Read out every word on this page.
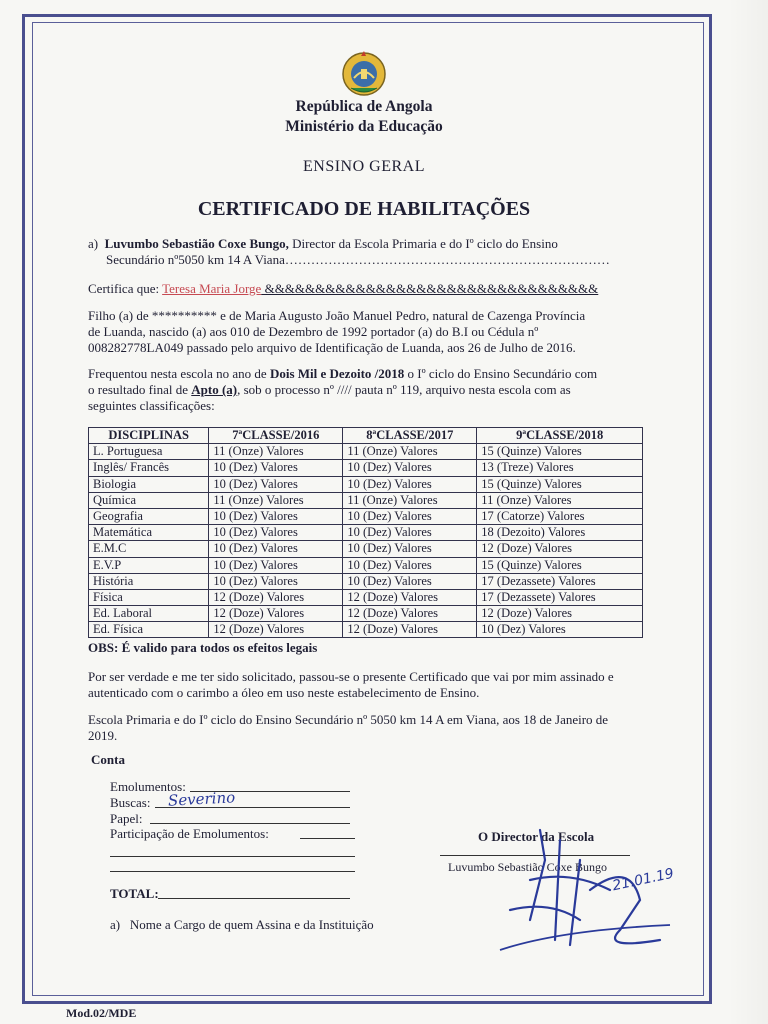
República de Angola
Ministério da Educação
ENSINO GERAL
CERTIFICADO DE HABILITAÇÕES
a) Luvumbo Sebastião Coxe Bungo, Director da Escola Primaria e do Iº ciclo do Ensino
Secundário nº5050 km 14 A Viana…………………………………………………………………
Certifica que: Teresa Maria Jorge &&&&&&&&&&&&&&&&&&&&&&&&&&&&&&&&&
Filho (a) de ********** e de Maria Augusto João Manuel Pedro, natural de Cazenga Província
de Luanda, nascido (a) aos 010 de Dezembro de 1992 portador (a) do B.I ou Cédula nº
008282778LA049 passado pelo arquivo de Identificação de Luanda, aos 26 de Julho de 2016.
Frequentou nesta escola no ano de Dois Mil e Dezoito /2018 o Iº ciclo do Ensino Secundário com
o resultado final de Apto (a), sob o processo nº //// pauta nº 119, arquivo nesta escola com as
seguintes classificações:
DISCIPLINAS	7ªCLASSE/2016	8ªCLASSE/2017	9ªCLASSE/2018
L. Portuguesa	11 (Onze) Valores	11 (Onze) Valores	15 (Quinze) Valores
Inglês/ Francês	10 (Dez) Valores	10 (Dez) Valores	13 (Treze) Valores
Biologia	10 (Dez) Valores	10 (Dez) Valores	15 (Quinze) Valores
Química	11 (Onze) Valores	11 (Onze) Valores	11 (Onze) Valores
Geografia	10 (Dez) Valores	10 (Dez) Valores	17 (Catorze) Valores
Matemática	10 (Dez) Valores	10 (Dez) Valores	18 (Dezoito) Valores
E.M.C	10 (Dez) Valores	10 (Dez) Valores	12 (Doze) Valores
E.V.P	10 (Dez) Valores	10 (Dez) Valores	15 (Quinze) Valores
História	10 (Dez) Valores	10 (Dez) Valores	17 (Dezassete) Valores
Física	12 (Doze) Valores	12 (Doze) Valores	17 (Dezassete) Valores
Ed. Laboral	12 (Doze) Valores	12 (Doze) Valores	12 (Doze) Valores
Ed. Física	12 (Doze) Valores	12 (Doze) Valores	10 (Dez) Valores
OBS: É valido para todos os efeitos legais
Por ser verdade e me ter sido solicitado, passou-se o presente Certificado que vai por mim assinado e
autenticado com o carimbo a óleo em uso neste estabelecimento de Ensino.
Escola Primaria e do Iº ciclo do Ensino Secundário nº 5050 km 14 A em Viana, aos 18 de Janeiro de
2019.
Conta
Emolumentos:
Buscas: Severino
Papel:
Participação de Emolumentos:
TOTAL:
O Director da Escola
Luvumbo Sebastião Coxe Bungo 21.01.19
a) Nome a Cargo de quem Assina e da Instituição
Mod.02/MDE
